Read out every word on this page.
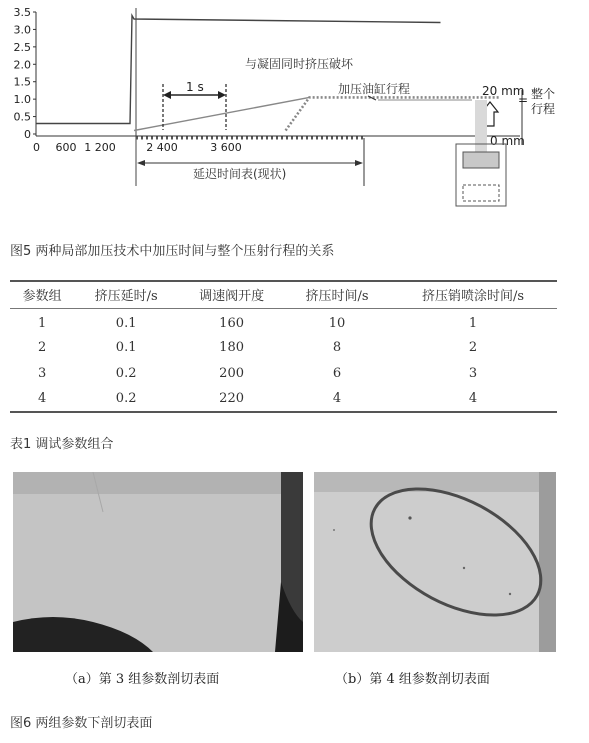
0
0.5
1.0
1.5
2.0
2.5
3.0
3.5
0 600 1 200	2 400	3 600
1 s
延迟时间表(现状)
与凝固同时挤压破坏
加压油缸行程	20 mm
0 mm
整个
行程
=
图5 两种局部加压技术中加压时间与整个压射行程的关系
参数组	挤压延时/s	调速阀开度	挤压时间/s	挤压销喷涂时间/s
1	0.1	160	10	1
2	0.1	180	8	2
3	0.2	200	6	3
4	0.2	220	4	4
表1 调试参数组合
（a）第 3 组参数剖切表面	（b）第 4 组参数剖切表面
图6 两组参数下剖切表面
